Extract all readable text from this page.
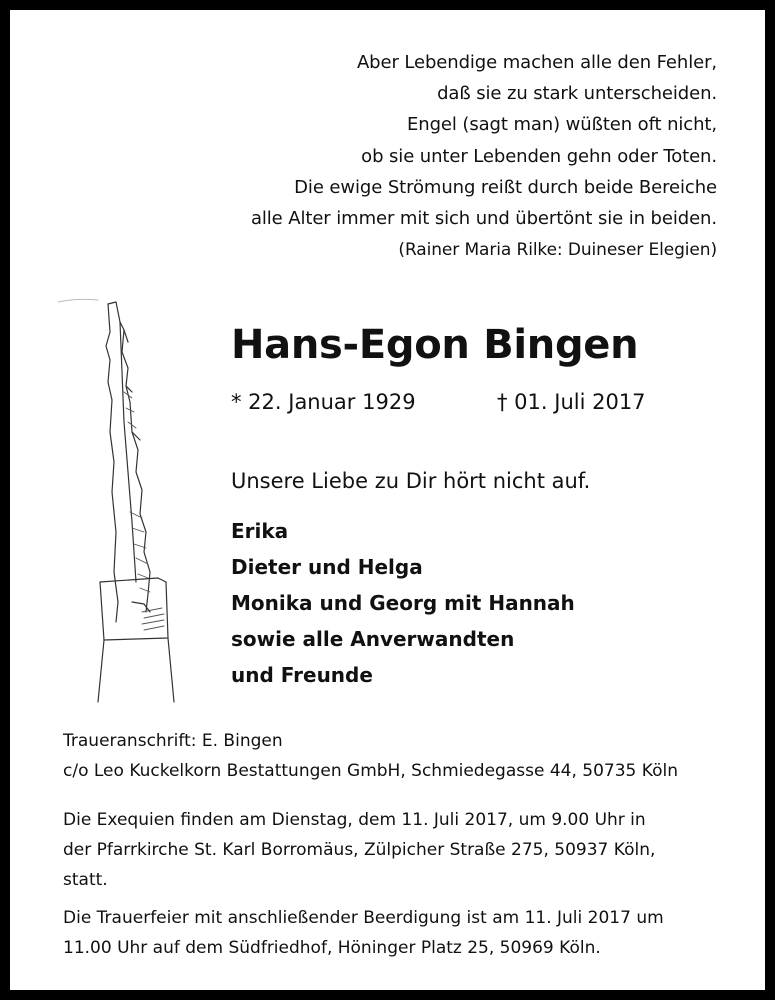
Aber Lebendige machen alle den Fehler,
daß sie zu stark unterscheiden.
Engel (sagt man) wüßten oft nicht,
ob sie unter Lebenden gehn oder Toten.
Die ewige Strömung reißt durch beide Bereiche
alle Alter immer mit sich und übertönt sie in beiden.
(Rainer Maria Rilke: Duineser Elegien)
Hans-Egon Bingen
* 22. Januar 1929	† 01. Juli 2017
Unsere Liebe zu Dir hört nicht auf.
Erika
Dieter und Helga
Monika und Georg mit Hannah
sowie alle Anverwandten
und Freunde
Traueranschrift: E. Bingen
c/o Leo Kuckelkorn Bestattungen GmbH, Schmiedegasse 44, 50735 Köln
Die Exequien finden am Dienstag, dem 11. Juli 2017, um 9.00 Uhr in
der Pfarrkirche St. Karl Borromäus, Zülpicher Straße 275, 50937 Köln,
statt.
Die Trauerfeier mit anschließender Beerdigung ist am 11. Juli 2017 um
11.00 Uhr auf dem Südfriedhof, Höninger Platz 25, 50969 Köln.
